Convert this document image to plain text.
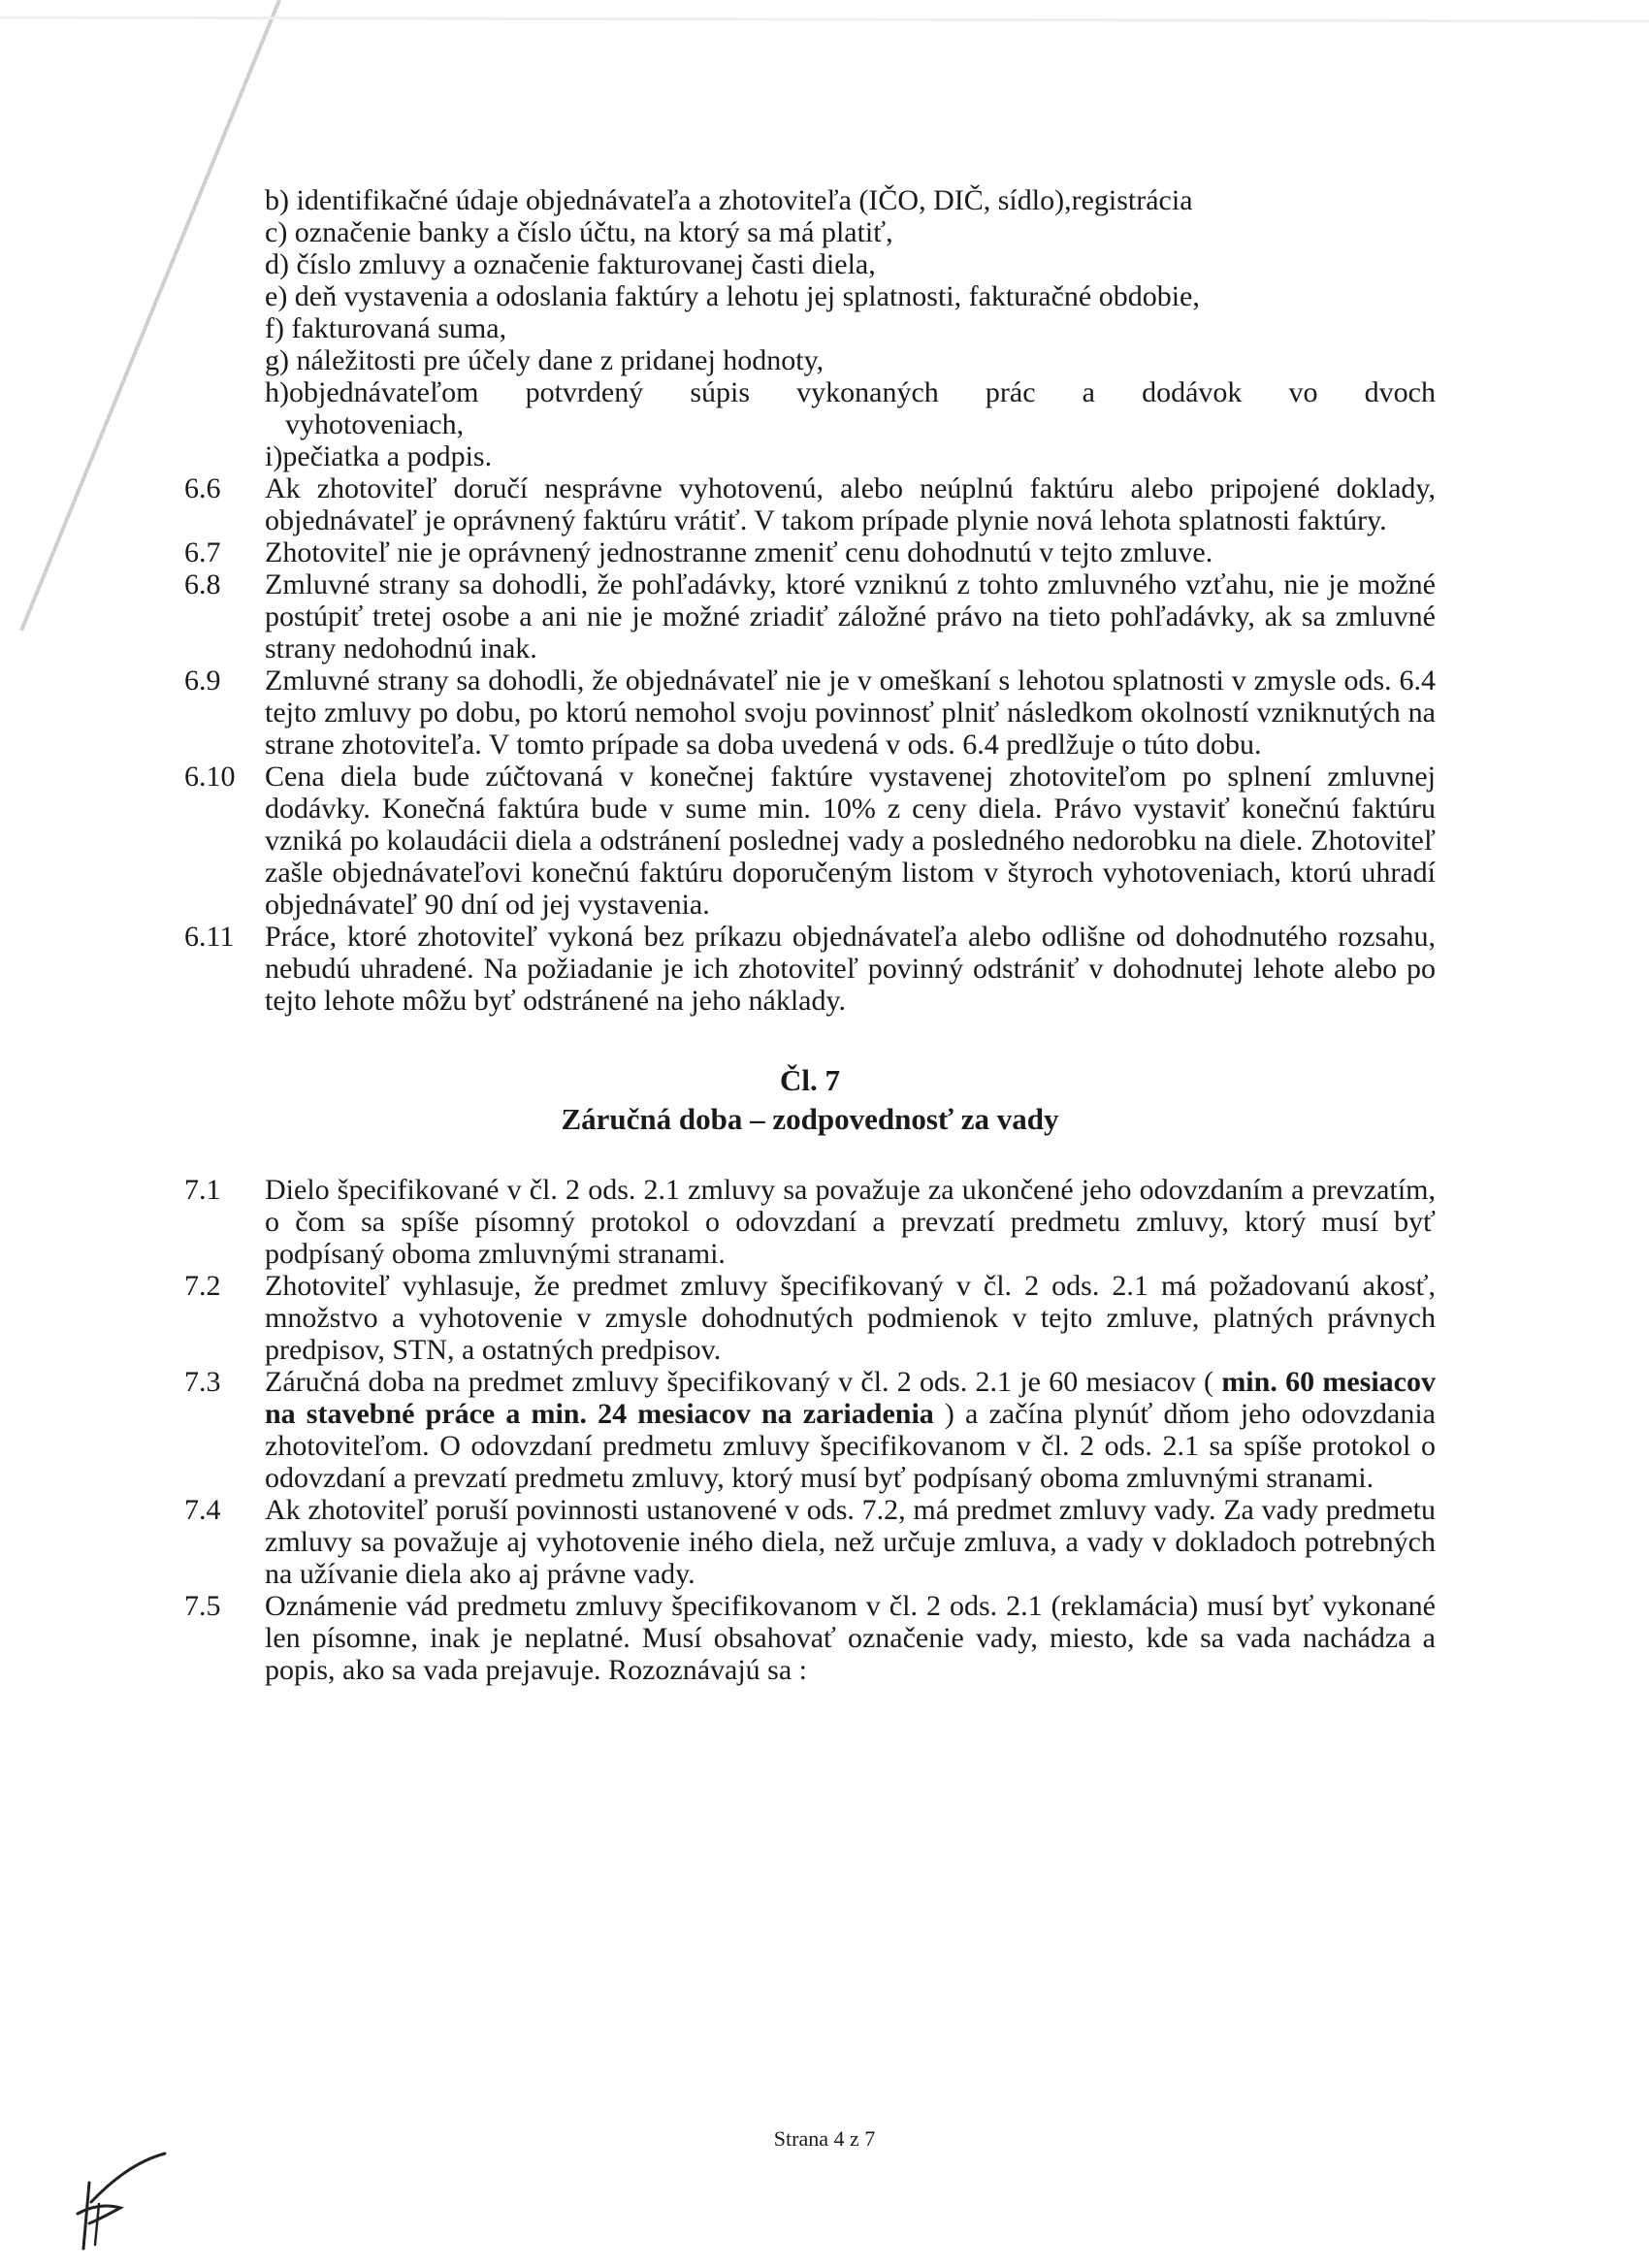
b) identifikačné údaje objednávateľa a zhotoviteľa (IČO, DIČ, sídlo),registrácia
c) označenie banky a číslo účtu, na ktorý sa má platiť,
d) číslo zmluvy a označenie fakturovanej časti diela,
e) deň vystavenia a odoslania faktúry a lehotu jej splatnosti, fakturačné obdobie,
f) fakturovaná suma,
g) náležitosti pre účely dane z pridanej hodnoty,
h)objednávateľom potvrdený súpis vykonaných prác a dodávok vo dvoch
vyhotoveniach,
i)pečiatka a podpis.
6.6	Ak zhotoviteľ doručí nesprávne vyhotovenú, alebo neúplnú faktúru alebo pripojené doklady, objednávateľ je oprávnený faktúru vrátiť. V takom prípade plynie nová lehota splatnosti faktúry.
6.7	Zhotoviteľ nie je oprávnený jednostranne zmeniť cenu dohodnutú v tejto zmluve.
6.8	Zmluvné strany sa dohodli, že pohľadávky, ktoré vzniknú z tohto zmluvného vzťahu, nie je možné postúpiť tretej osobe a ani nie je možné zriadiť záložné právo na tieto pohľadávky, ak sa zmluvné strany nedohodnú inak.
6.9	Zmluvné strany sa dohodli, že objednávateľ nie je v omeškaní s lehotou splatnosti v zmysle ods. 6.4 tejto zmluvy po dobu, po ktorú nemohol svoju povinnosť plniť následkom okolností vzniknutých na strane zhotoviteľa. V tomto prípade sa doba uvedená v ods. 6.4 predlžuje o túto dobu.
6.10	Cena diela bude zúčtovaná v konečnej faktúre vystavenej zhotoviteľom po splnení zmluvnej dodávky. Konečná faktúra bude v sume min. 10% z ceny diela. Právo vystaviť konečnú faktúru vzniká po kolaudácii diela a odstránení poslednej vady a posledného nedorobku na diele. Zhotoviteľ zašle objednávateľovi konečnú faktúru doporučeným listom v štyroch vyhotoveniach, ktorú uhradí objednávateľ 90 dní od jej vystavenia.
6.11	Práce, ktoré zhotoviteľ vykoná bez príkazu objednávateľa alebo odlišne od dohodnutého rozsahu, nebudú uhradené. Na požiadanie je ich zhotoviteľ povinný odstrániť v dohodnutej lehote alebo po tejto lehote môžu byť odstránené na jeho náklady.
Čl. 7
Záručná doba – zodpovednosť za vady
7.1	Dielo špecifikované v čl. 2 ods. 2.1 zmluvy sa považuje za ukončené jeho odovzdaním a prevzatím, o čom sa spíše písomný protokol o odovzdaní a prevzatí predmetu zmluvy, ktorý musí byť podpísaný oboma zmluvnými stranami.
7.2	Zhotoviteľ vyhlasuje, že predmet zmluvy špecifikovaný v čl. 2 ods. 2.1 má požadovanú akosť, množstvo a vyhotovenie v zmysle dohodnutých podmienok v tejto zmluve, platných právnych predpisov, STN, a ostatných predpisov.
7.3	Záručná doba na predmet zmluvy špecifikovaný v čl. 2 ods. 2.1 je 60 mesiacov ( min. 60 mesiacov na stavebné práce a min. 24 mesiacov na zariadenia ) a začína plynúť dňom jeho odovzdania zhotoviteľom. O odovzdaní predmetu zmluvy špecifikovanom v čl. 2 ods. 2.1 sa spíše protokol o odovzdaní a prevzatí predmetu zmluvy, ktorý musí byť podpísaný oboma zmluvnými stranami.
7.4	Ak zhotoviteľ poruší povinnosti ustanovené v ods. 7.2, má predmet zmluvy vady. Za vady predmetu zmluvy sa považuje aj vyhotovenie iného diela, než určuje zmluva, a vady v dokladoch potrebných na užívanie diela ako aj právne vady.
7.5	Oznámenie vád predmetu zmluvy špecifikovanom v čl. 2 ods. 2.1 (reklamácia) musí byť vykonané len písomne, inak je neplatné. Musí obsahovať označenie vady, miesto, kde sa vada nachádza a popis, ako sa vada prejavuje. Rozoznávajú sa :
Strana 4 z 7
